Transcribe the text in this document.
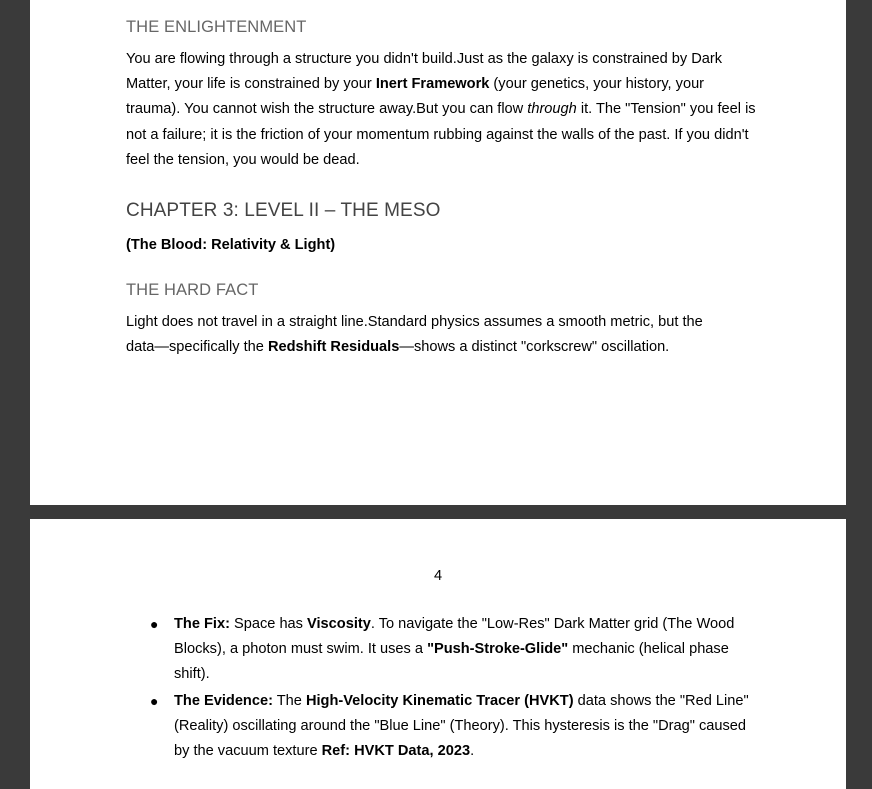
THE ENLIGHTENMENT

You are flowing through a structure you didn't build.Just as the galaxy is constrained by Dark Matter, your life is constrained by your Inert Framework (your genetics, your history, your trauma). You cannot wish the structure away.But you can flow through it. The "Tension" you feel is not a failure; it is the friction of your momentum rubbing against the walls of the past. If you didn't feel the tension, you would be dead.

CHAPTER 3: LEVEL II – THE MESO

(The Blood: Relativity & Light)

THE HARD FACT

Light does not travel in a straight line.Standard physics assumes a smooth metric, but the data—specifically the Redshift Residuals—shows a distinct "corkscrew" oscillation.

4
● The Fix: Space has Viscosity. To navigate the "Low-Res" Dark Matter grid (The Wood Blocks), a photon must swim. It uses a "Push-Stroke-Glide" mechanic (helical phase shift).
● The Evidence: The High-Velocity Kinematic Tracer (HVKT) data shows the "Red Line" (Reality) oscillating around the "Blue Line" (Theory). This hysteresis is the "Drag" caused by the vacuum texture Ref: HVKT Data, 2023.
